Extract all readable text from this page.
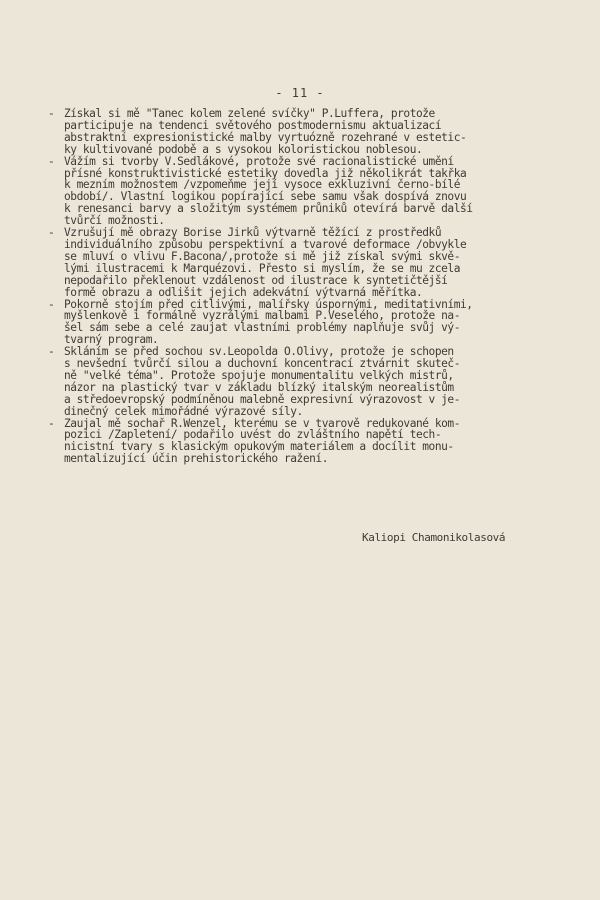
- 11 -
- Získal si mě "Tanec kolem zelené svíčky" P.Luffera, protože
participuje na tendenci světového postmodernismu aktualizací
abstraktní expresionistické malby vyrtuózně rozehrané v estetic-
ky kultivované podobě a s vysokou koloristickou noblesou.
- Vážím si tvorby V.Sedlákové, protože své racionalistické umění
přísné konstruktivistické estetiky dovedla již několikrát takřka
k mezním možnostem /vzpomeňme její vysoce exkluzivní černo-bílé
období/. Vlastní logikou popírající sebe samu však dospívá znovu
k renesanci barvy a složitým systémem průniků otevírá barvě další
tvůrčí možnosti.
- Vzrušují mě obrazy Borise Jirků výtvarně těžící z prostředků
individuálního způsobu perspektivní a tvarové deformace /obvykle
se mluví o vlivu F.Bacona/,protože si mě již získal svými skvě-
lými ilustracemi k Marquézovi. Přesto si myslím, že se mu zcela
nepodařilo překlenout vzdálenost od ilustrace k syntetičtější
formě obrazu a odlišit jejich adekvátní výtvarná měřítka.
- Pokorně stojím před citlivými, malířsky úspornými, meditativními,
myšlenkově i formálně vyzrálými malbami P.Veselého, protože na-
šel sám sebe a celé zaujat vlastními problémy naplňuje svůj vý-
tvarný program.
- Skláním se před sochou sv.Leopolda O.Olivy, protože je schopen
s nevšední tvůrčí silou a duchovní koncentrací ztvárnit skuteč-
ně "velké téma". Protože spojuje monumentalitu velkých mistrů,
názor na plastický tvar v základu blízký italským neorealistům
a středoevropský podmíněnou malebně expresivní výrazovost v je-
dinečný celek mimořádné výrazové síly.
- Zaujal mě sochař R.Wenzel, kterému se v tvarově redukované kom-
pozici /Zapletení/ podařilo uvést do zvláštního napětí tech-
nicistní tvary s klasickým opukovým materiálem a docílit monu-
mentalizující účin prehistorického ražení.
Kaliopi Chamonikolasová
